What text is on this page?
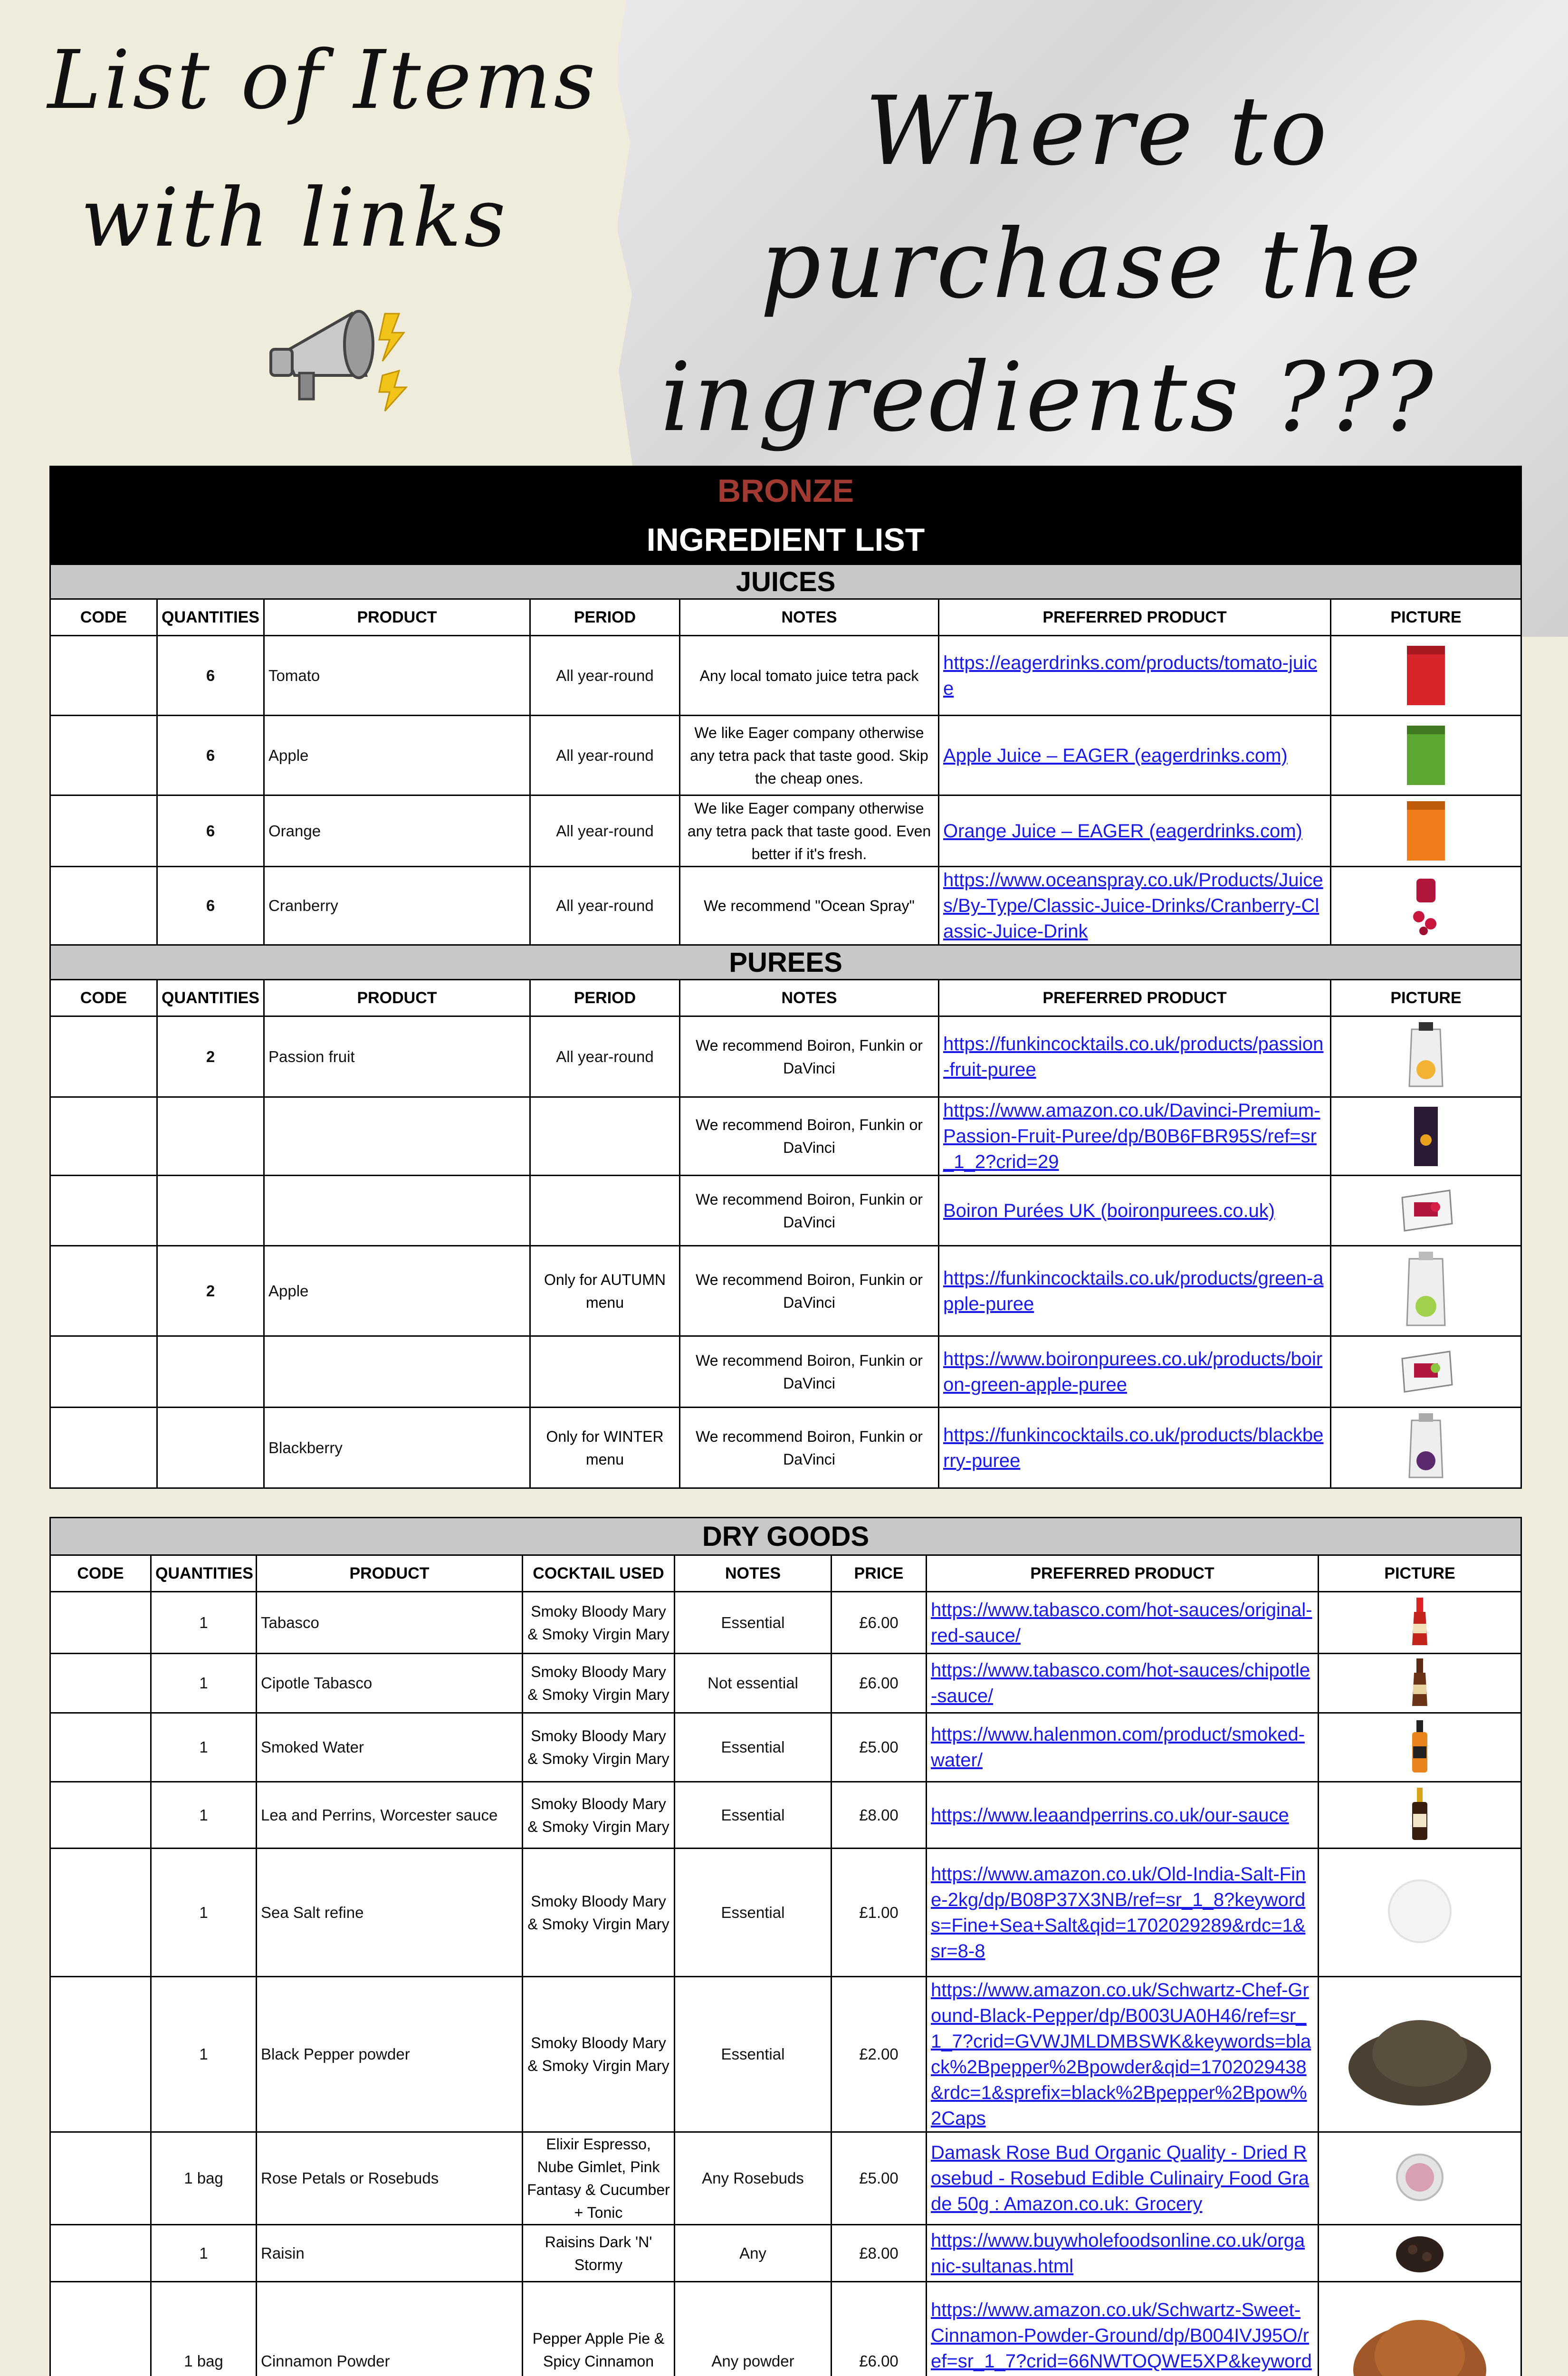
List of Items
with links
Where to
purchase the
ingredients ???
BRONZE						
INGREDIENT LIST						
JUICES						
CODE	QUANTITIES	PRODUCT	PERIOD	NOTES	PREFERRED PRODUCT	PICTURE
	6	Tomato	All year-round	Any local tomato juice tetra pack	https://eagerdrinks.com/products/tomato-juice	
	6	Apple	All year-round	We like Eager company otherwise any tetra pack that taste good. Skip the cheap ones.	Apple Juice – EAGER (eagerdrinks.com)	
	6	Orange	All year-round	We like Eager company otherwise any tetra pack that taste good. Even better if it's fresh.	Orange Juice – EAGER (eagerdrinks.com)	
	6	Cranberry	All year-round	We recommend "Ocean Spray"	https://www.oceanspray.co.uk/Products/Juices/By-Type/Classic-Juice-Drinks/Cranberry-Classic-Juice-Drink	
PUREES						
CODE	QUANTITIES	PRODUCT	PERIOD	NOTES	PREFERRED PRODUCT	PICTURE
	2	Passion fruit	All year-round	We recommend Boiron, Funkin or DaVinci	https://funkincocktails.co.uk/products/passion-fruit-puree	
				We recommend Boiron, Funkin or DaVinci	https://www.amazon.co.uk/Davinci-Premium-Passion-Fruit-Puree/dp/B0B6FBR95S/ref=sr_1_2?crid=29	
				We recommend Boiron, Funkin or DaVinci	Boiron Purées UK (boironpurees.co.uk)	
	2	Apple	Only for AUTUMN menu	We recommend Boiron, Funkin or DaVinci	https://funkincocktails.co.uk/products/green-apple-puree	
				We recommend Boiron, Funkin or DaVinci	https://www.boironpurees.co.uk/products/boiron-green-apple-puree	
		Blackberry	Only for WINTER menu	We recommend Boiron, Funkin or DaVinci	https://funkincocktails.co.uk/products/blackberry-puree	
DRY GOODS							
CODE	QUANTITIES	PRODUCT	COCKTAIL USED	NOTES	PRICE	PREFERRED PRODUCT	PICTURE
	1	Tabasco	Smoky Bloody Mary & Smoky Virgin Mary	Essential	£6.00	https://www.tabasco.com/hot-sauces/original-red-sauce/	
	1	Cipotle Tabasco	Smoky Bloody Mary & Smoky Virgin Mary	Not essential	£6.00	https://www.tabasco.com/hot-sauces/chipotle-sauce/	
	1	Smoked Water	Smoky Bloody Mary & Smoky Virgin Mary	Essential	£5.00	https://www.halenmon.com/product/smoked-water/	
	1	Lea and Perrins, Worcester sauce	Smoky Bloody Mary & Smoky Virgin Mary	Essential	£8.00	https://www.leaandperrins.co.uk/our-sauce	
	1	Sea Salt refine	Smoky Bloody Mary & Smoky Virgin Mary	Essential	£1.00	https://www.amazon.co.uk/Old-India-Salt-Fine-2kg/dp/B08P37X3NB/ref=sr_1_8?keywords=Fine+Sea+Salt&qid=1702029289&rdc=1&sr=8-8	
	1	Black Pepper powder	Smoky Bloody Mary & Smoky Virgin Mary	Essential	£2.00	https://www.amazon.co.uk/Schwartz-Chef-Ground-Black-Pepper/dp/B003UA0H46/ref=sr_1_7?crid=GVWJMLDMBSWK&keywords=black%2Bpepper%2Bpowder&qid=1702029438&rdc=1&sprefix=black%2Bpepper%2Bpow%2Caps	
	1 bag	Rose Petals or Rosebuds	Elixir Espresso, Nube Gimlet, Pink Fantasy & Cucumber + Tonic	Any Rosebuds	£5.00	Damask Rose Bud Organic Quality - Dried Rosebud - Rosebud Edible Culinairy Food Grade 50g : Amazon.co.uk: Grocery	
	1	Raisin	Raisins Dark 'N' Stormy	Any	£8.00	https://www.buywholefoodsonline.co.uk/organic-sultanas.html	
	1 bag	Cinnamon Powder	Pepper Apple Pie & Spicy Cinnamon	Any powder	£6.00	https://www.amazon.co.uk/Schwartz-Sweet-Cinnamon-Powder-Ground/dp/B004IVJ95O/ref=sr_1_7?crid=66NWTOQWE5XP&keyword	
